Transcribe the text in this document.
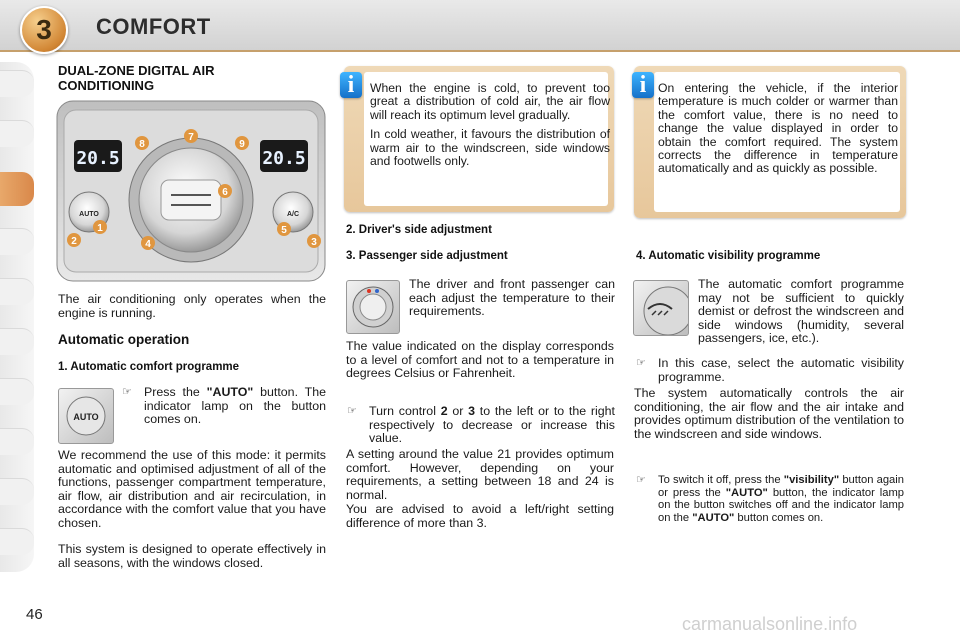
3	COMFORT
DUAL-ZONE DIGITAL AIR
CONDITIONING
20.5	20.5
AUTO	A/C
1
2	3
4
5
6
7
8	9
The air conditioning only operates when the engine is running.
Automatic operation
1. Automatic comfort programme
AUTO
☞ Press the "AUTO" button. The indicator lamp on the button comes on.
We recommend the use of this mode: it permits automatic and optimised adjustment of all of the functions, passenger compartment temperature, air flow, air distribution and air recirculation, in accordance with the comfort value that you have chosen.
This system is designed to operate effectively in all seasons, with the windows closed.
When the engine is cold, to prevent too great a distribution of cold air, the air flow will reach its optimum level gradually.
In cold weather, it favours the distribution of warm air to the windscreen, side windows and footwells only.
i
2. Driver's side adjustment
3. Passenger side adjustment
The driver and front passenger can each adjust the temperature to their requirements.
The value indicated on the display corresponds to a level of comfort and not to a temperature in degrees Celsius or Fahrenheit.
☞ Turn control 2 or 3 to the left or to the right respectively to decrease or increase this value.
A setting around the value 21 provides optimum comfort. However, depending on your requirements, a setting between 18 and 24 is normal.
You are advised to avoid a left/right setting difference of more than 3.
On entering the vehicle, if the interior temperature is much colder or warmer than the comfort value, there is no need to change the value displayed in order to obtain the comfort required. The system corrects the difference in temperature automatically and as quickly as possible.
i
4. Automatic visibility programme
The automatic comfort programme may not be sufficient to quickly demist or defrost the windscreen and side windows (humidity, several passengers, ice, etc.).
☞ In this case, select the automatic visibility programme.
The system automatically controls the air conditioning, the air flow and the air intake and provides optimum distribution of the ventilation to the windscreen and side windows.
☞ To switch it off, press the "visibility" button again or press the "AUTO" button, the indicator lamp on the button switches off and the indicator lamp on the "AUTO" button comes on.
46	carmanualsonline.info
